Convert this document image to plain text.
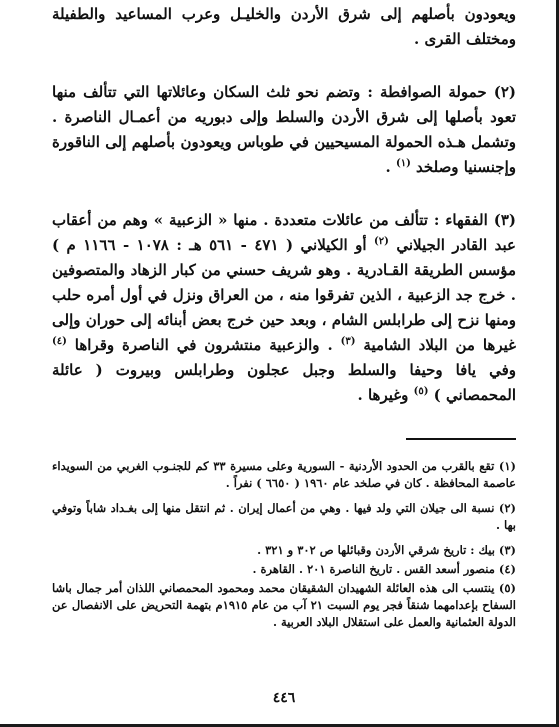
ويعودون بأصلهم إلى شرق الأردن والخليـل وعرب المساعيد والطفيلة ومختلف القرى .

(٢) حمولة الصوافطة : وتضم نحو ثلث السكان وعائلاتها التي تتألف منها تعود بأصلها إلى شرق الأردن والسلط وإلى دبوريه من أعمـال الناصرة . وتشمل هـذه الحمولة المسيحيين في طوباس ويعودون بأصلهم إلى الناقورة وإجنسنيا وصلخد $^{(١)}$ .

(٣) الفقهاء : تتألف من عائلات متعددة . منها « الزعبية » وهم من أعقاب عبد القادر الجيلاني $^{(٢)}$ أو الكيلاني ( ٤٧١ - ٥٦١ هـ : ١٠٧٨ - ١١٦٦ م ) مؤسس الطريقة القـادرية . وهو شريف حسني من كبار الزهاد والمتصوفين . خرج جد الزعبية ، الذين تفرقوا منه ، من العراق ونزل في أول أمره حلب ومنها نزح إلى طرابلس الشام ، وبعد حين خرج بعض أبنائه إلى حوران وإلى غيرها من البلاد الشامية $^{(٣)}$ . والزعبية منتشرون في الناصرة وقراها $^{(٤)}$ وفي يافا وحيفا والسلط وجبل عجلون وطرابلس وبيروت ( عائلة المحمصاني ) $^{(٥)}$ وغيرها .

(١) تقع بالقرب من الحدود الأردنية - السورية وعلى مسيرة ٣٣ كم للجنـوب الغربي من السويداء عاصمة المحافظة . كان في صلخد عام ١٩٦٠ ( ٦٦٥٠ ) نفراً .

(٢) نسبة الى جيلان التي ولد فيها . وهي من أعمال إيران . ثم انتقل منها إلى بغـداد شاباً وتوفي بها .

(٣) بيك : تاريخ شرقي الأردن وقبائلها ص ٣٠٢ و ٣٢١ .

(٤) منصور أسعد القس . تاريخ الناصرة ٢٠١ . القاهرة .

(٥) ينتسب الى هذه العائلة الشهيدان الشقيقان محمد ومحمود المحمصاني اللذان أمر جمال باشا السفاح بإعدامهما شنقاً فجر يوم السبت ٢١ آب من عام ١٩١٥م بتهمة التحريض على الانفصال عن الدولة العثمانية والعمل على استقلال البلاد العربية .

٤٤٦
